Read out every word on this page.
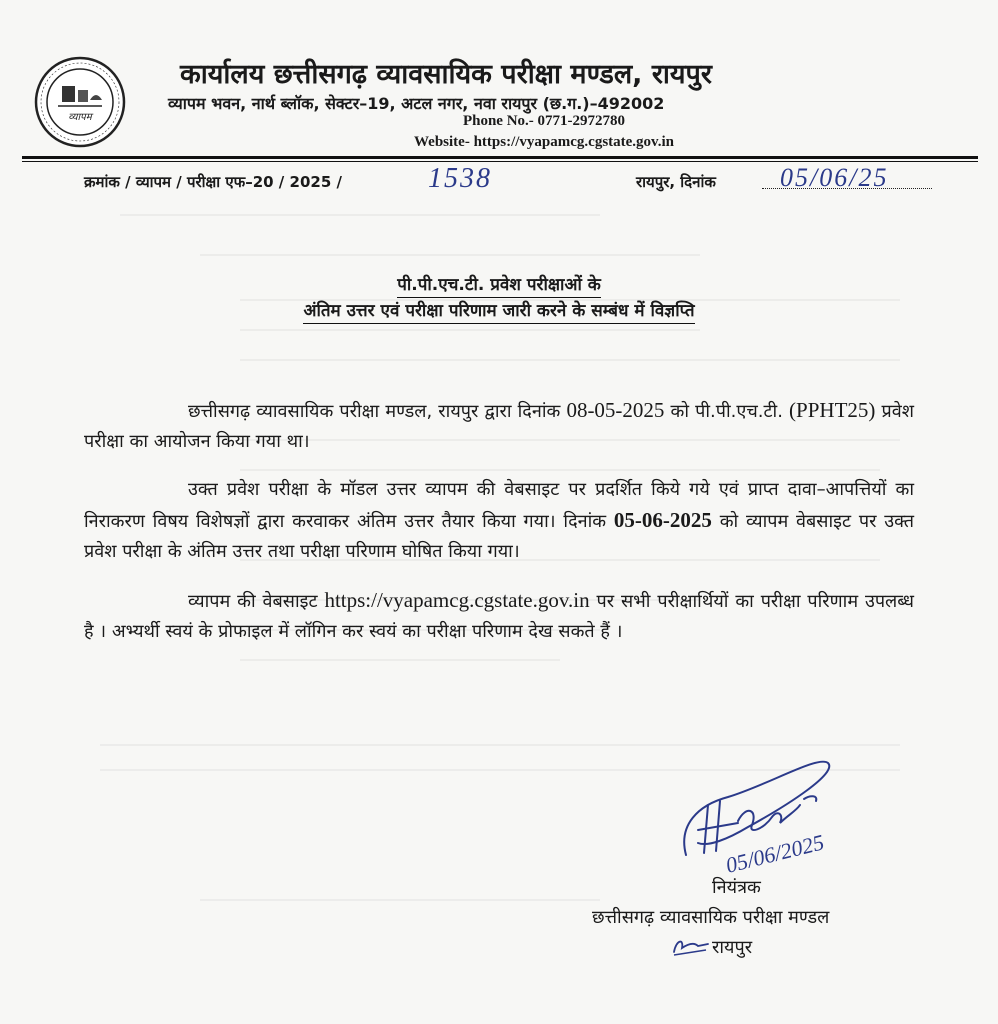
व्यापम
कार्यालय छत्तीसगढ़ व्यावसायिक परीक्षा मण्डल, रायपुर
व्यापम भवन, नार्थ ब्लॉक, सेक्टर–19, अटल नगर, नवा रायपुर (छ.ग.)–492002
Phone No.- 0771-2972780
Website- https://vyapamcg.cgstate.gov.in
क्रमांक / व्यापम / परीक्षा एफ–20 / 2025 /	1538	रायपुर, दिनांक 05/06/25
पी.पी.एच.टी. प्रवेश परीक्षाओं के
अंतिम उत्तर एवं परीक्षा परिणाम जारी करने के सम्बंध में विज्ञप्ति

छत्तीसगढ़ व्यावसायिक परीक्षा मण्डल, रायपुर द्वारा दिनांक 08-05-2025 को पी.पी.एच.टी. (PPHT25) प्रवेश परीक्षा का आयोजन किया गया था।

उक्त प्रवेश परीक्षा के मॉडल उत्तर व्यापम की वेबसाइट पर प्रदर्शित किये गये एवं प्राप्त दावा–आपत्तियों का निराकरण विषय विशेषज्ञों द्वारा करवाकर अंतिम उत्तर तैयार किया गया। दिनांक 05-06-2025 को व्यापम वेबसाइट पर उक्त प्रवेश परीक्षा के अंतिम उत्तर तथा परीक्षा परिणाम घोषित किया गया।

व्यापम की वेबसाइट https://vyapamcg.cgstate.gov.in पर सभी परीक्षार्थियों का परीक्षा परिणाम उपलब्ध है । अभ्यर्थी स्वयं के प्रोफाइल में लॉगिन कर स्वयं का परीक्षा परिणाम देख सकते हैं ।

05/06/2025
नियंत्रक
छत्तीसगढ़ व्यावसायिक परीक्षा मण्डल
रायपुर
